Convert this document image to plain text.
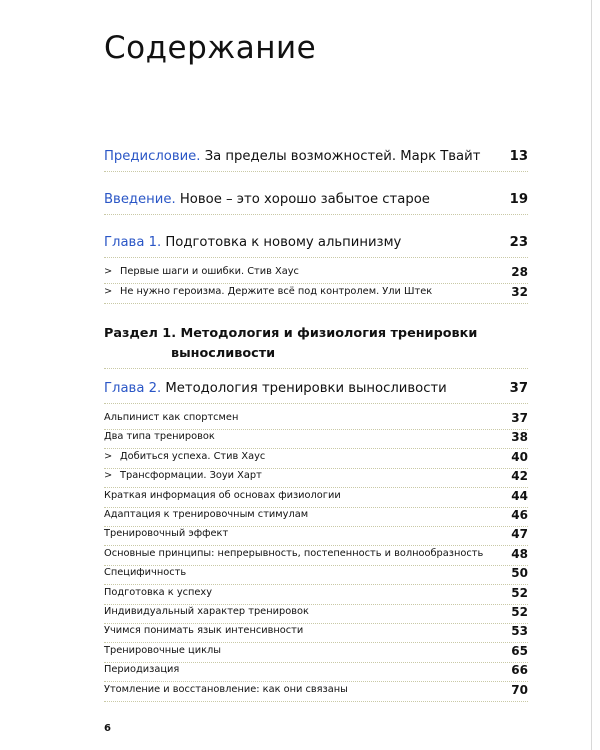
Содержание
Предисловие. За пределы возможностей. Марк Твайт 13
Введение. Новое – это хорошо забытое старое	19
Глава 1. Подготовка к новому альпинизму	23
> Первые шаги и ошибки. Стив Хаус	28
> Не нужно героизма. Держите всё под контролем. Ули Штек	32
Раздел 1. Методология и физиология тренировки
выносливости
Глава 2. Методология тренировки выносливости	37
Альпинист как спортсмен	37
Два типа тренировок	38
> Добиться успеха. Стив Хаус	40
> Трансформации. Зоуи Харт	42
Краткая информация об основах физиологии	44
Адаптация к тренировочным стимулам	46
Тренировочный эффект	47
Основные принципы: непрерывность, постепенность и волнообразность 48
Специфичность	50
Подготовка к успеху	52
Индивидуальный характер тренировок	52
Учимся понимать язык интенсивности	53
Тренировочные циклы	65
Периодизация	66
Утомление и восстановление: как они связаны	70
6
